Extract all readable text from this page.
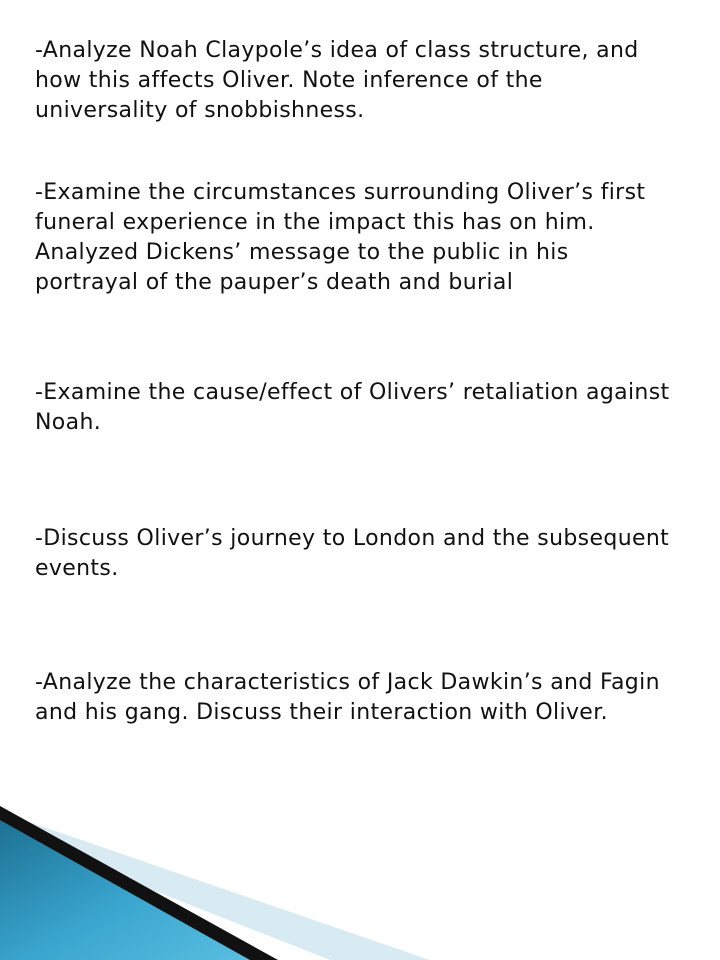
-Analyze Noah Claypole’s idea of class structure, and how this affects Oliver. Note inference of the universality of snobbishness.

-Examine the circumstances surrounding Oliver’s first funeral experience in the impact this has on him. Analyzed Dickens’ message to the public in his portrayal of the pauper’s death and burial

-Examine the cause/effect of Olivers’ retaliation against Noah.

-Discuss Oliver’s journey to London and the subsequent events.

-Analyze the characteristics of Jack Dawkin’s and Fagin and his gang. Discuss their interaction with Oliver.
